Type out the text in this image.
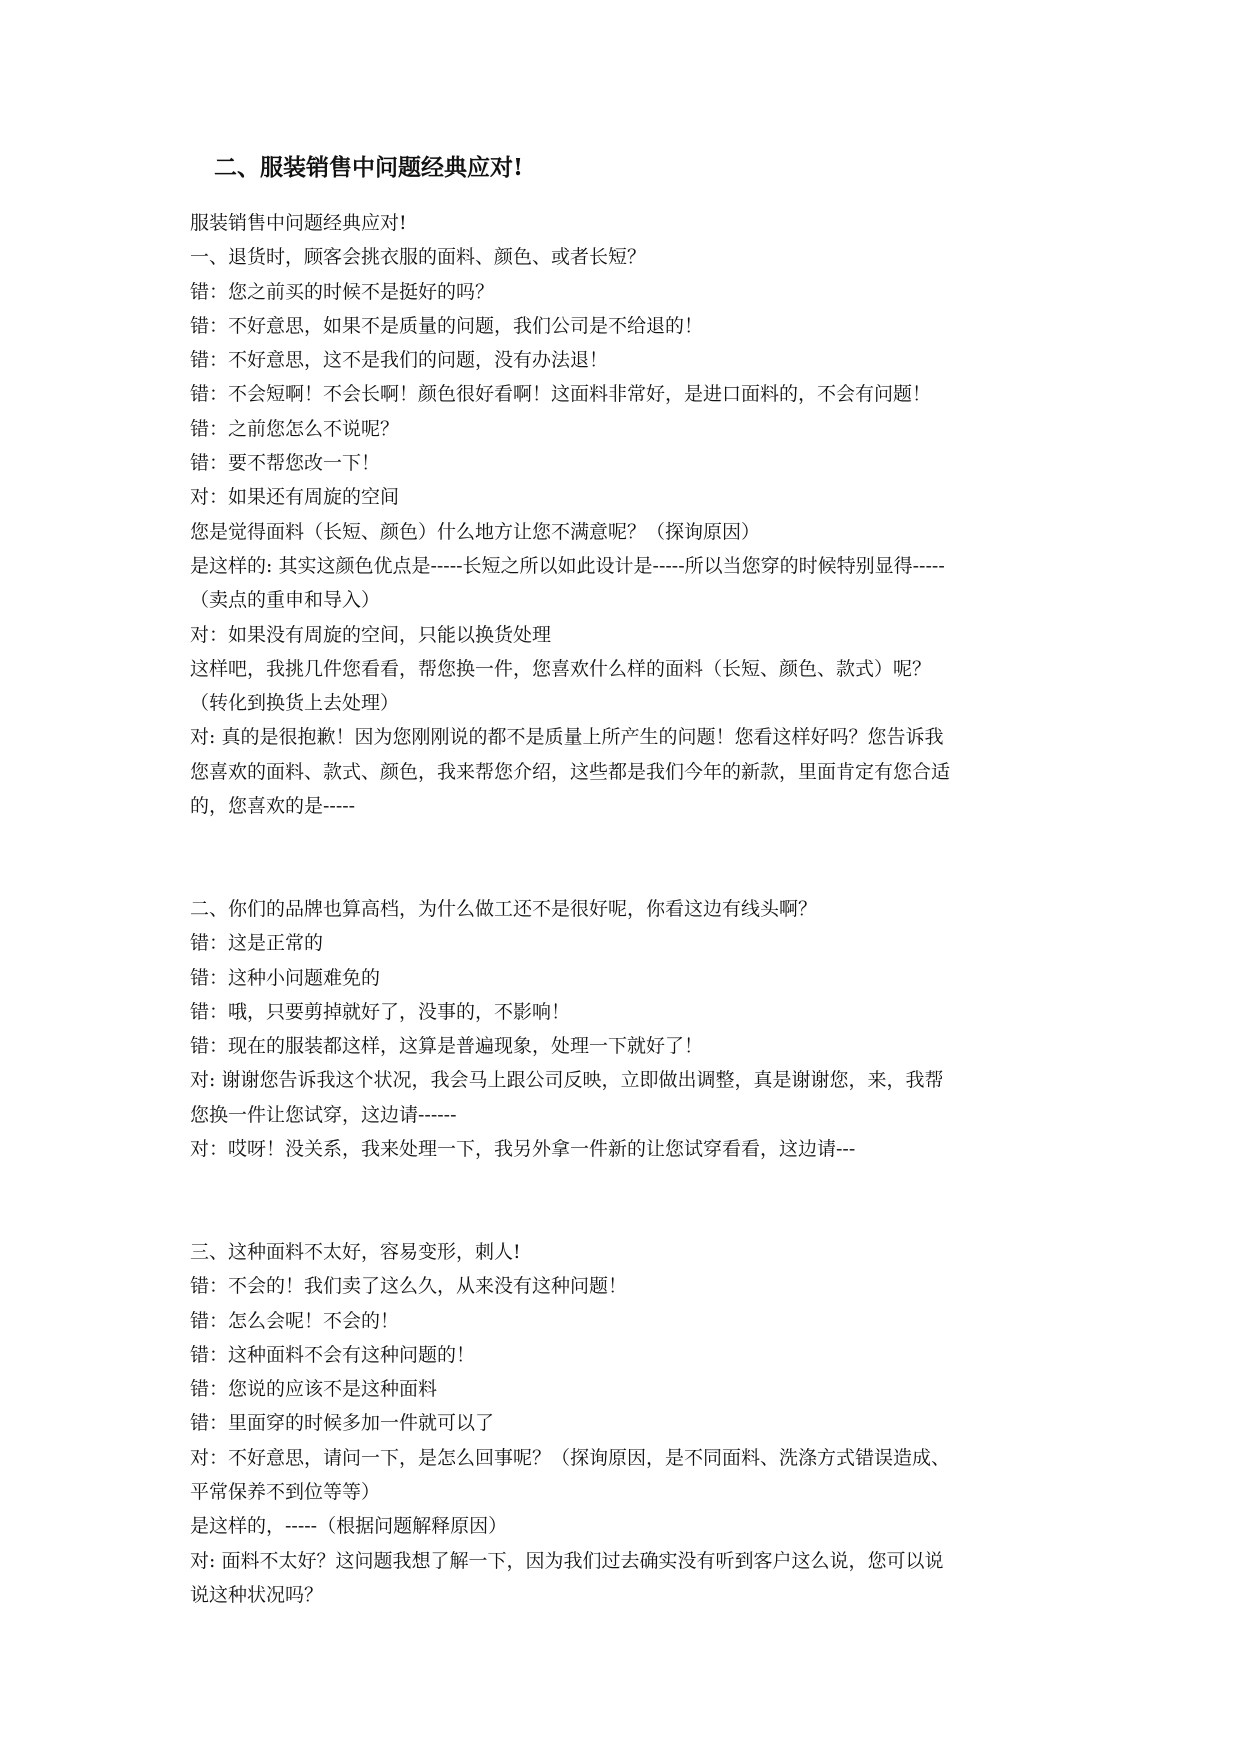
二、服装销售中问题经典应对!
服装销售中问题经典应对!
一、退货时，顾客会挑衣服的面料、颜色、或者长短？
错：您之前买的时候不是挺好的吗？
错：不好意思，如果不是质量的问题，我们公司是不给退的！
错：不好意思，这不是我们的问题，没有办法退！
错：不会短啊！不会长啊！颜色很好看啊！这面料非常好，是进口面料的，不会有问题！
错：之前您怎么不说呢？
错：要不帮您改一下！
对：如果还有周旋的空间
您是觉得面料（长短、颜色）什么地方让您不满意呢？（探询原因）
是这样的: 其实这颜色优点是-----长短之所以如此设计是-----所以当您穿的时候特别显得-----
（卖点的重申和导入）
对：如果没有周旋的空间，只能以换货处理
这样吧，我挑几件您看看，帮您换一件，您喜欢什么样的面料（长短、颜色、款式）呢？
（转化到换货上去处理）
对: 真的是很抱歉！因为您刚刚说的都不是质量上所产生的问题！您看这样好吗？您告诉我
您喜欢的面料、款式、颜色，我来帮您介绍，这些都是我们今年的新款，里面肯定有您合适
的，您喜欢的是-----
二、你们的品牌也算高档，为什么做工还不是很好呢，你看这边有线头啊？
错：这是正常的
错：这种小问题难免的
错：哦，只要剪掉就好了，没事的，不影响！
错：现在的服装都这样，这算是普遍现象，处理一下就好了！
对: 谢谢您告诉我这个状况，我会马上跟公司反映，立即做出调整，真是谢谢您，来，我帮
您换一件让您试穿，这边请------
对：哎呀！没关系，我来处理一下，我另外拿一件新的让您试穿看看，这边请---
三、这种面料不太好，容易变形，刺人!
错：不会的！我们卖了这么久，从来没有这种问题！
错：怎么会呢！不会的！
错：这种面料不会有这种问题的！
错：您说的应该不是这种面料
错：里面穿的时候多加一件就可以了
对：不好意思，请问一下，是怎么回事呢？（探询原因，是不同面料、洗涤方式错误造成、
平常保养不到位等等）
是这样的，-----（根据问题解释原因）
对: 面料不太好？这问题我想了解一下，因为我们过去确实没有听到客户这么说，您可以说
说这种状况吗？
